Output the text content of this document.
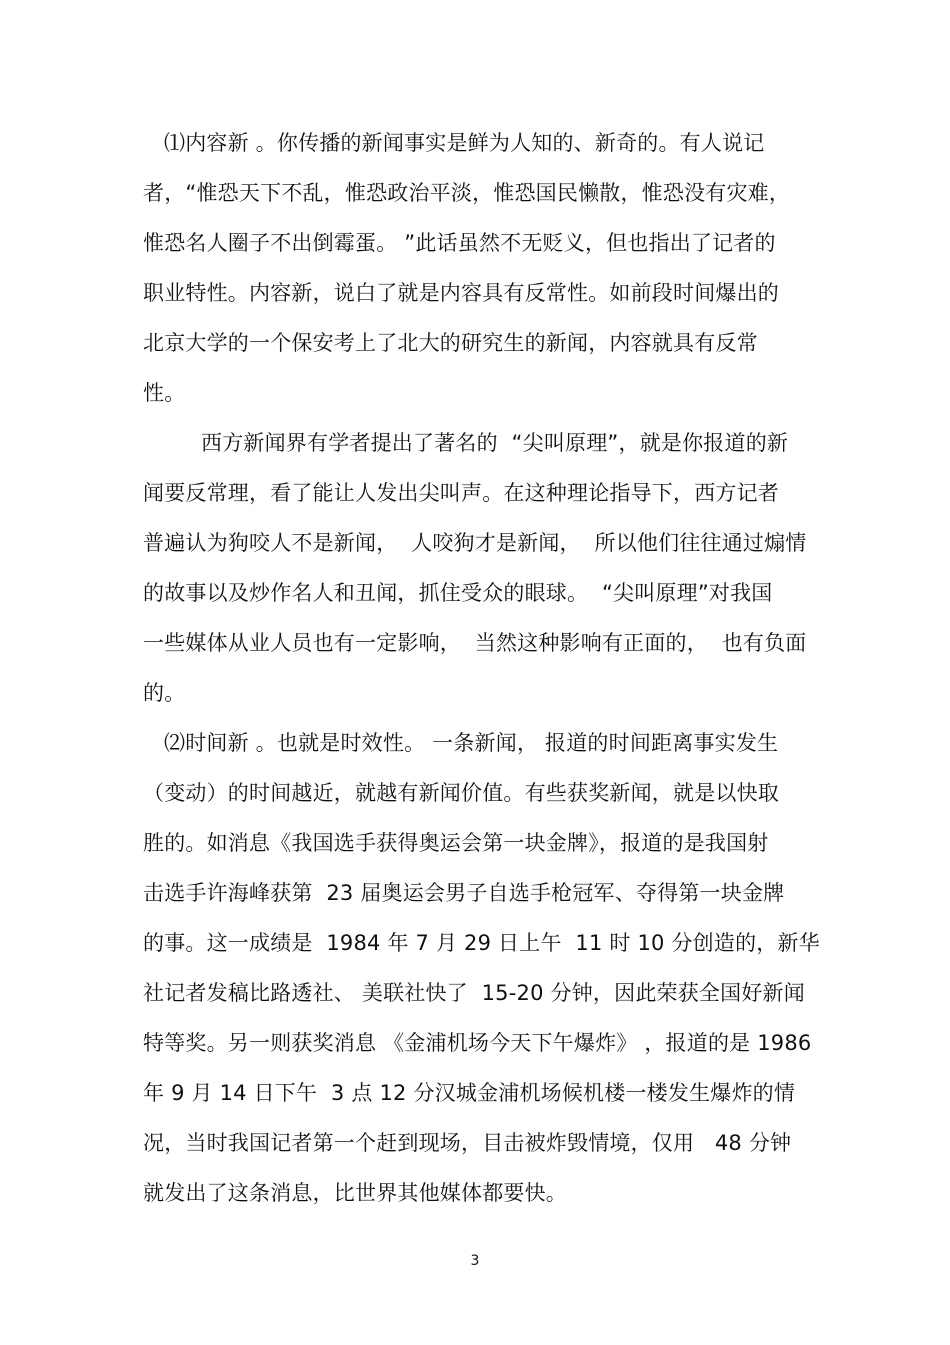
⑴内容新 。你传播的新闻事实是鲜为人知的、新奇的。有人说记
者，“惟恐天下不乱，惟恐政治平淡，惟恐国民懒散，惟恐没有灾难，
惟恐名人圈子不出倒霉蛋。 ”此话虽然不无贬义，但也指出了记者的
职业特性。内容新，说白了就是内容具有反常性。如前段时间爆出的
北京大学的一个保安考上了北大的研究生的新闻，内容就具有反常
性。
西方新闻界有学者提出了著名的  “尖叫原理”，就是你报道的新
闻要反常理，看了能让人发出尖叫声。在这种理论指导下，西方记者
普遍认为狗咬人不是新闻，  人咬狗才是新闻，  所以他们往往通过煽情
的故事以及炒作名人和丑闻，抓住受众的眼球。  “尖叫原理”对我国
一些媒体从业人员也有一定影响，  当然这种影响有正面的，  也有负面
的。
⑵时间新 。也就是时效性。 一条新闻， 报道的时间距离事实发生
（变动）的时间越近，就越有新闻价值。有些获奖新闻，就是以快取
胜的。如消息《我国选手获得奥运会第一块金牌》，报道的是我国射
击选手许海峰获第  23 届奥运会男子自选手枪冠军、夺得第一块金牌
的事。这一成绩是  1984 年 7 月 29 日上午  11 时 10 分创造的，新华
社记者发稿比路透社、 美联社快了  15-20 分钟，因此荣获全国好新闻
特等奖。另一则获奖消息 《金浦机场今天下午爆炸》 ，报道的是 1986
年 9 月 14 日下午  3 点 12 分汉城金浦机场候机楼一楼发生爆炸的情
况，当时我国记者第一个赶到现场，目击被炸毁情境，仅用   48 分钟
就发出了这条消息，比世界其他媒体都要快。
3
